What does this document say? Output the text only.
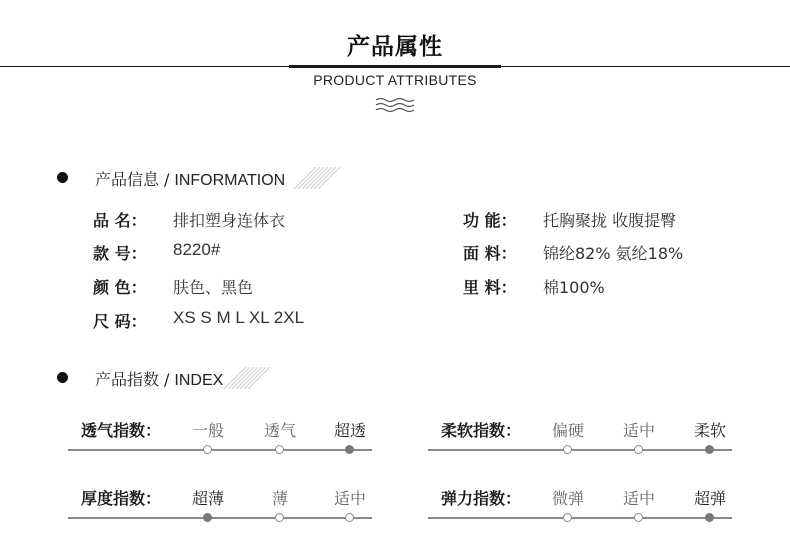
产品属性
PRODUCT ATTRIBUTES
产品信息 / INFORMATION
品 名： 排扣塑身连体衣
款 号： 8220#
颜 色： 肤色、黑色
尺 码： XS S M L XL 2XL
功 能： 托胸聚拢 收腹提臀
面 料： 锦纶82% 氨纶18%
里 料： 棉100%
产品指数 / INDEX
透气指数：	一般	透气	超透	柔软指数：	偏硬	适中	柔软
厚度指数：	超薄	薄	适中	弹力指数：	微弹	适中	超弹
